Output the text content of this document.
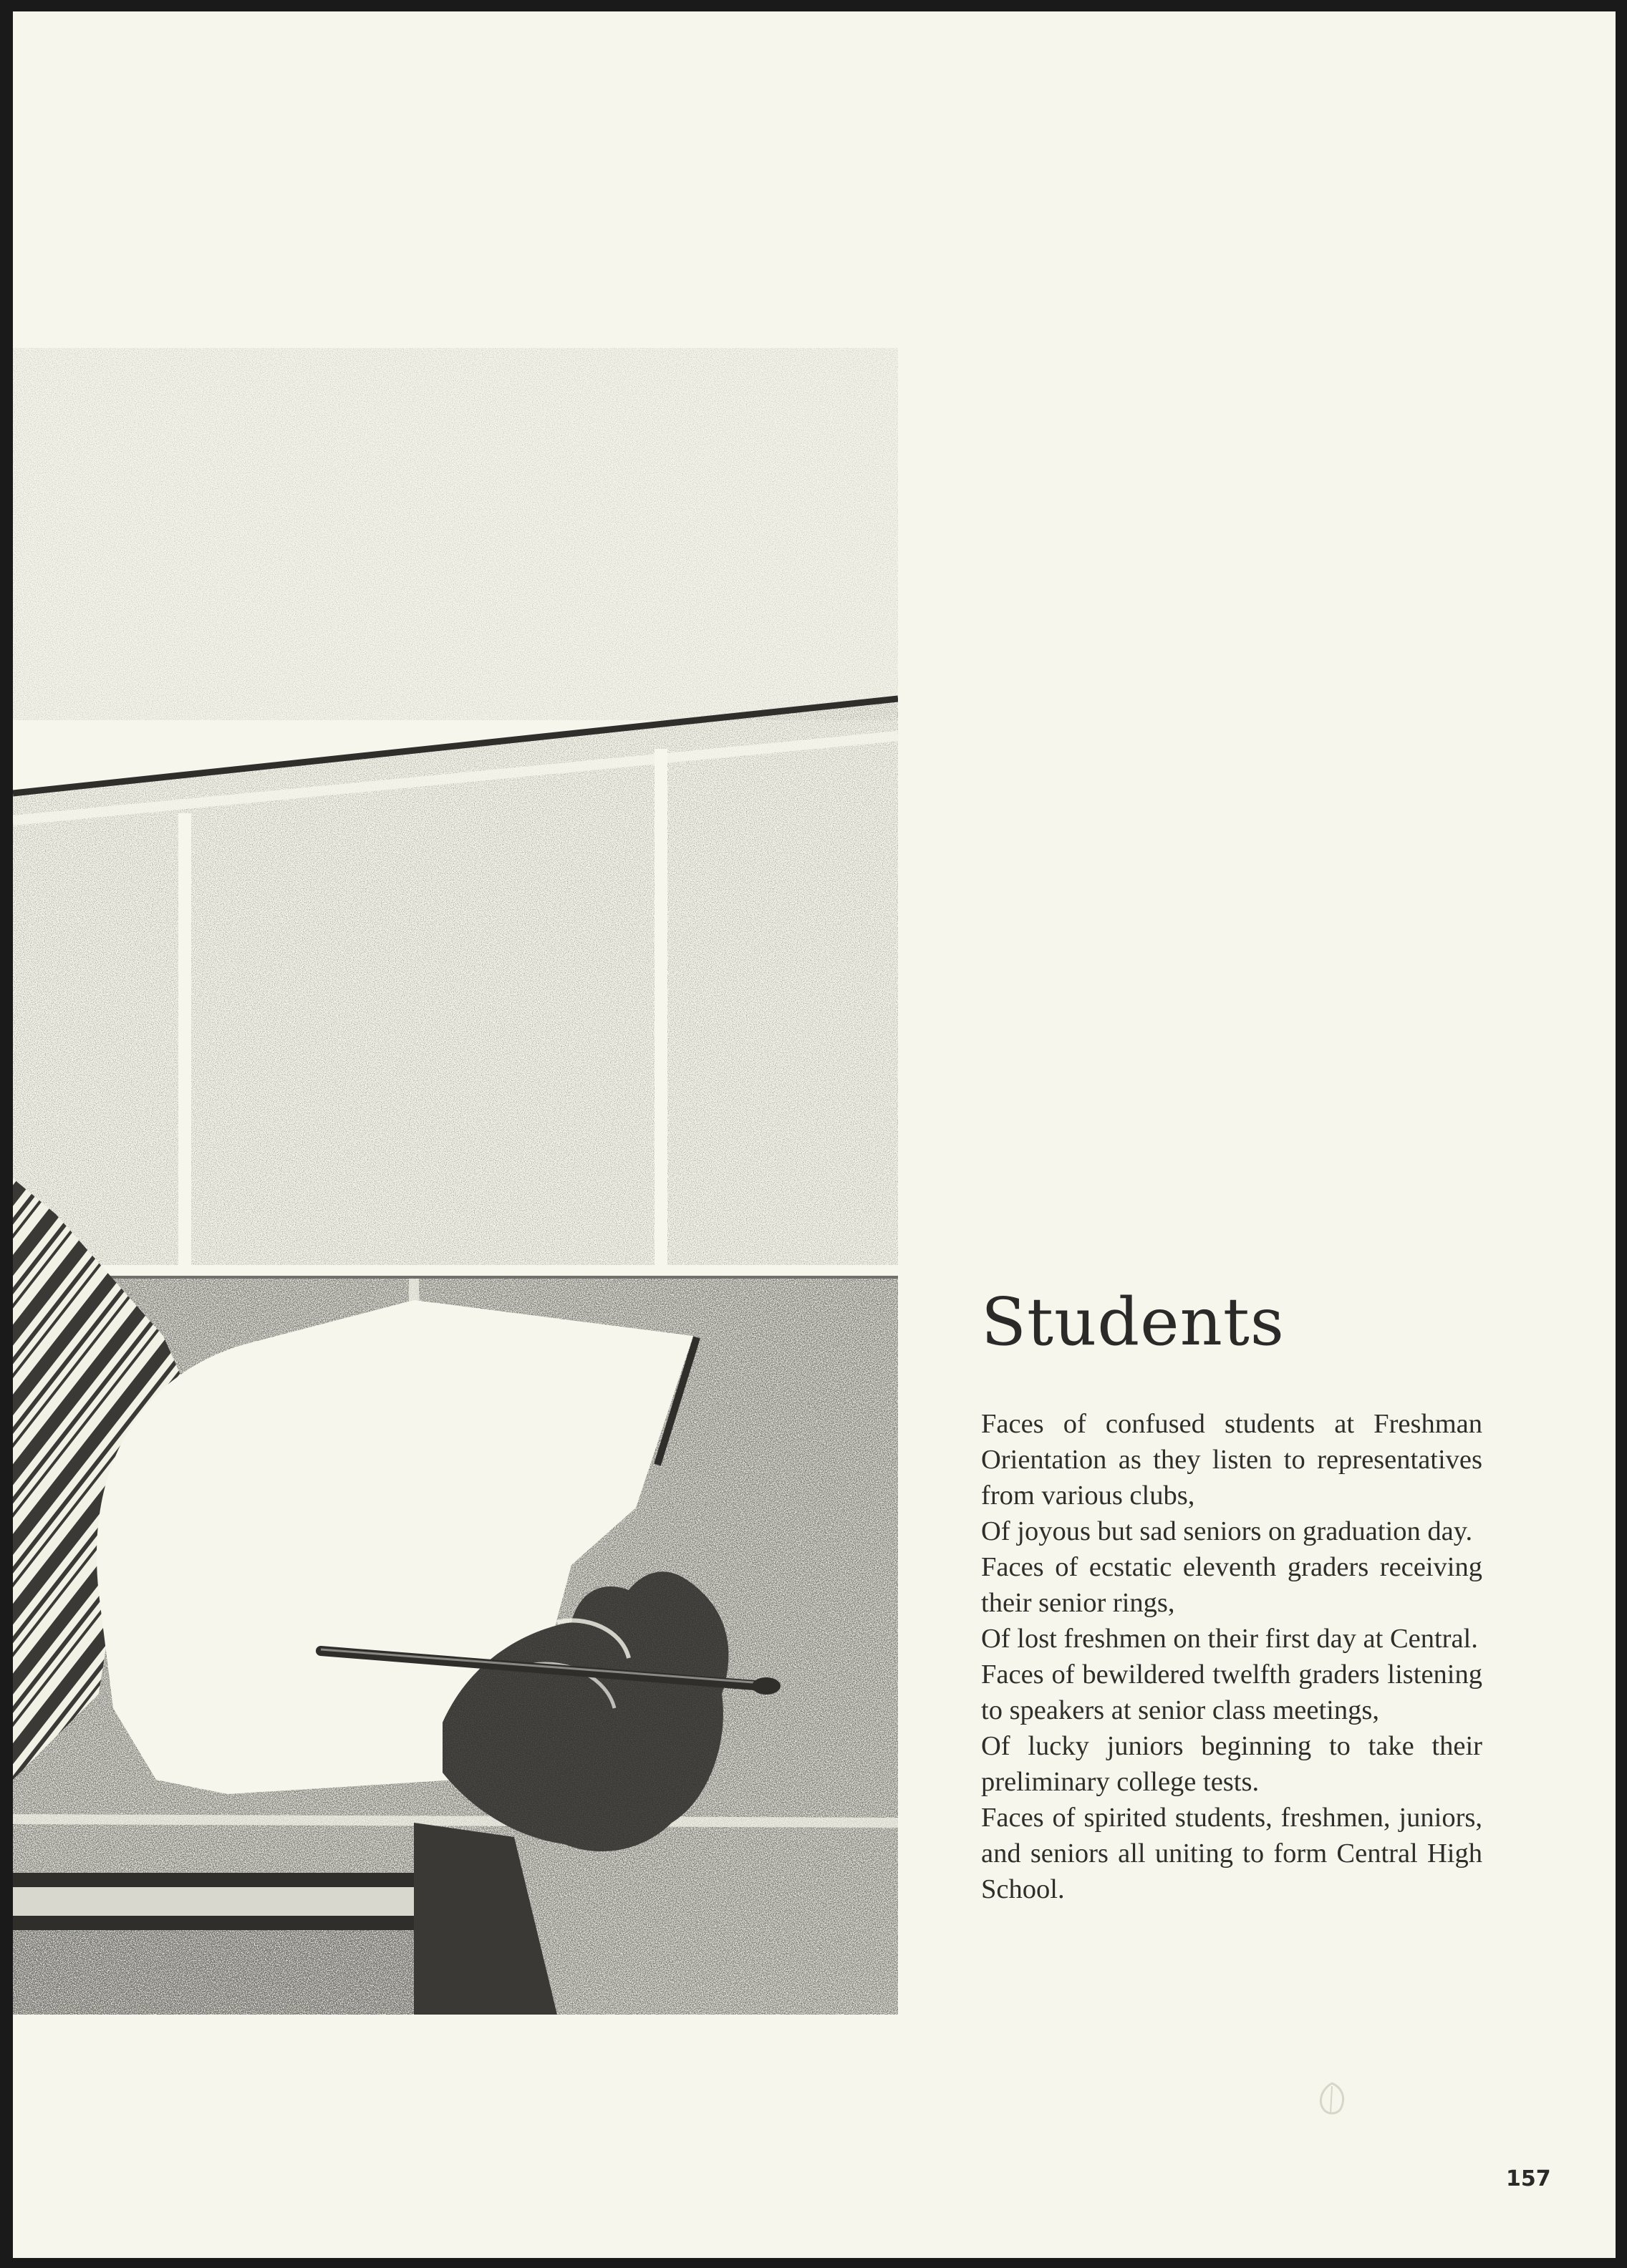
Students

Faces of confused students at Freshman Orientation as they listen to representatives from various clubs,

Of joyous but sad seniors on graduation day.

Faces of ecstatic eleventh graders receiving their senior rings,

Of lost freshmen on their first day at Central.

Faces of bewildered twelfth graders listening to speakers at senior class meetings,

Of lucky juniors beginning to take their preliminary college tests.

Faces of spirited students, freshmen, juniors, and seniors all uniting to form Central High School.

157
